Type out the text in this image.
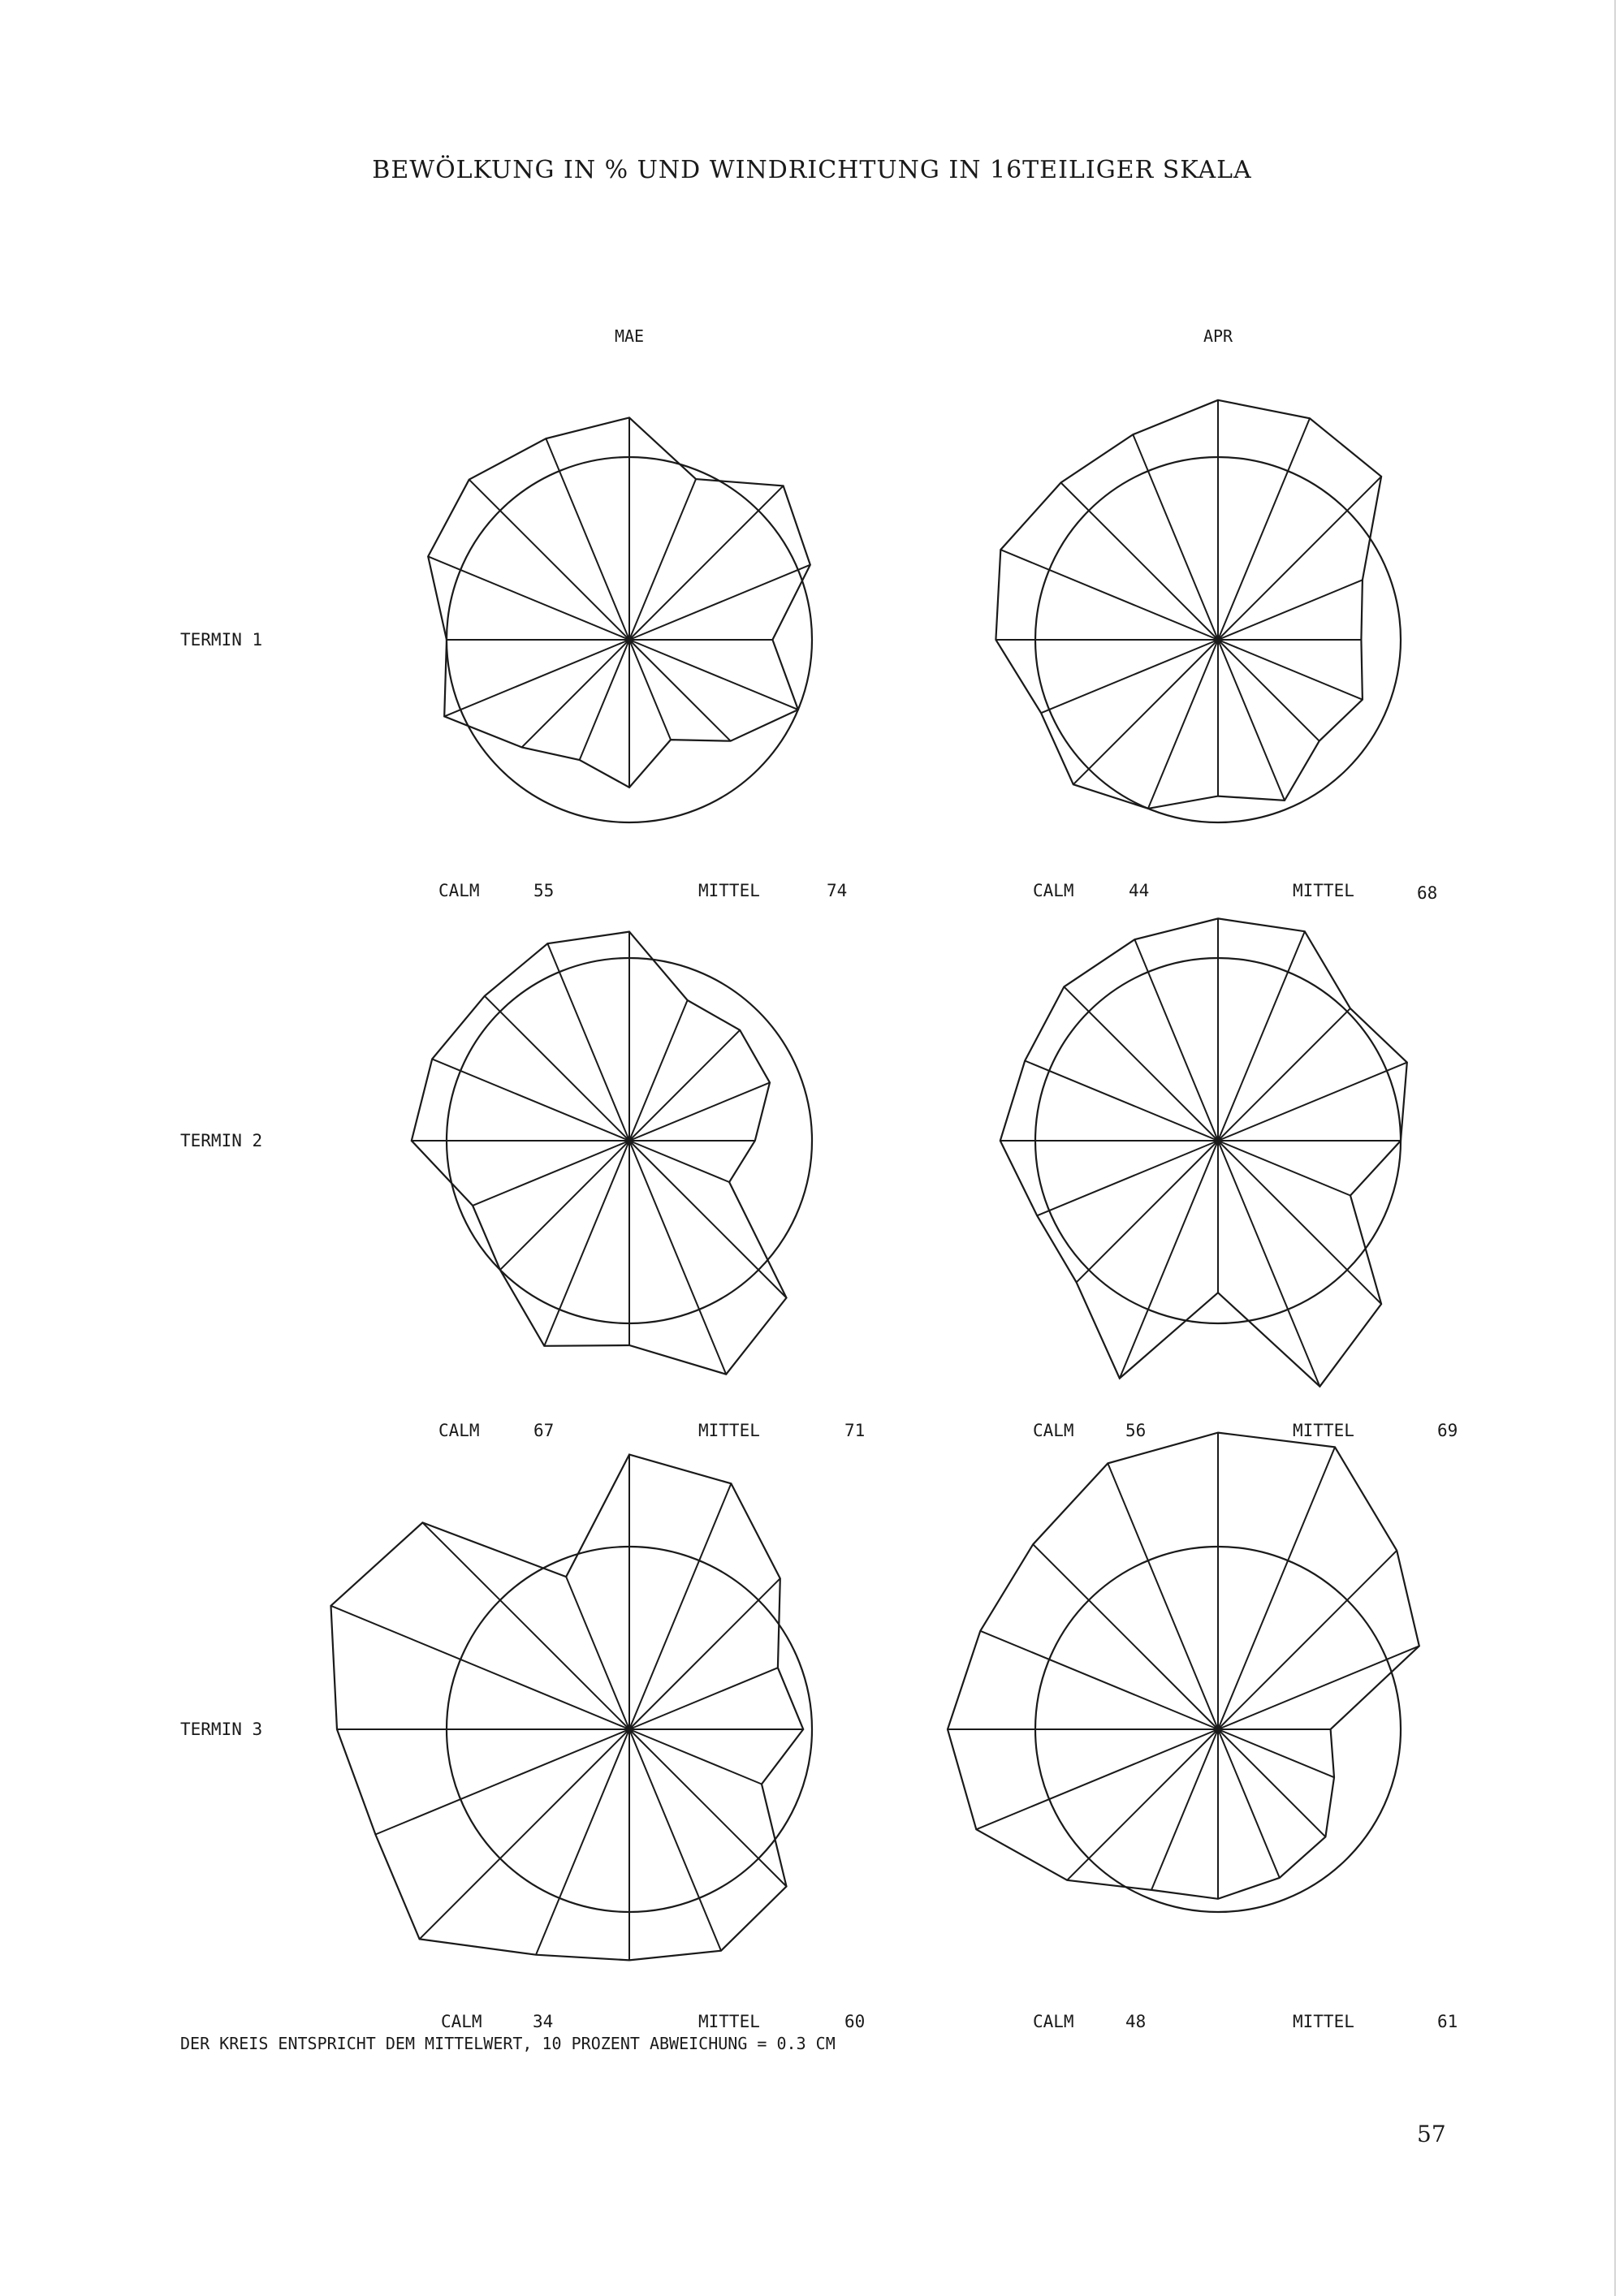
BEWÖLKUNG IN % UND WINDRICHTUNG IN 16TEILIGER SKALA
MAE	APR
TERMIN 1
TERMIN 2
TERMIN 3
CALM	55	MITTEL	74	CALM	44	MITTEL	68
CALM	67	MITTEL	71	CALM	56	MITTEL	69
CALM	34	MITTEL	60	CALM	48	MITTEL	61
DER KREIS ENTSPRICHT DEM MITTELWERT, 10 PROZENT ABWEICHUNG = 0.3 CM
57
